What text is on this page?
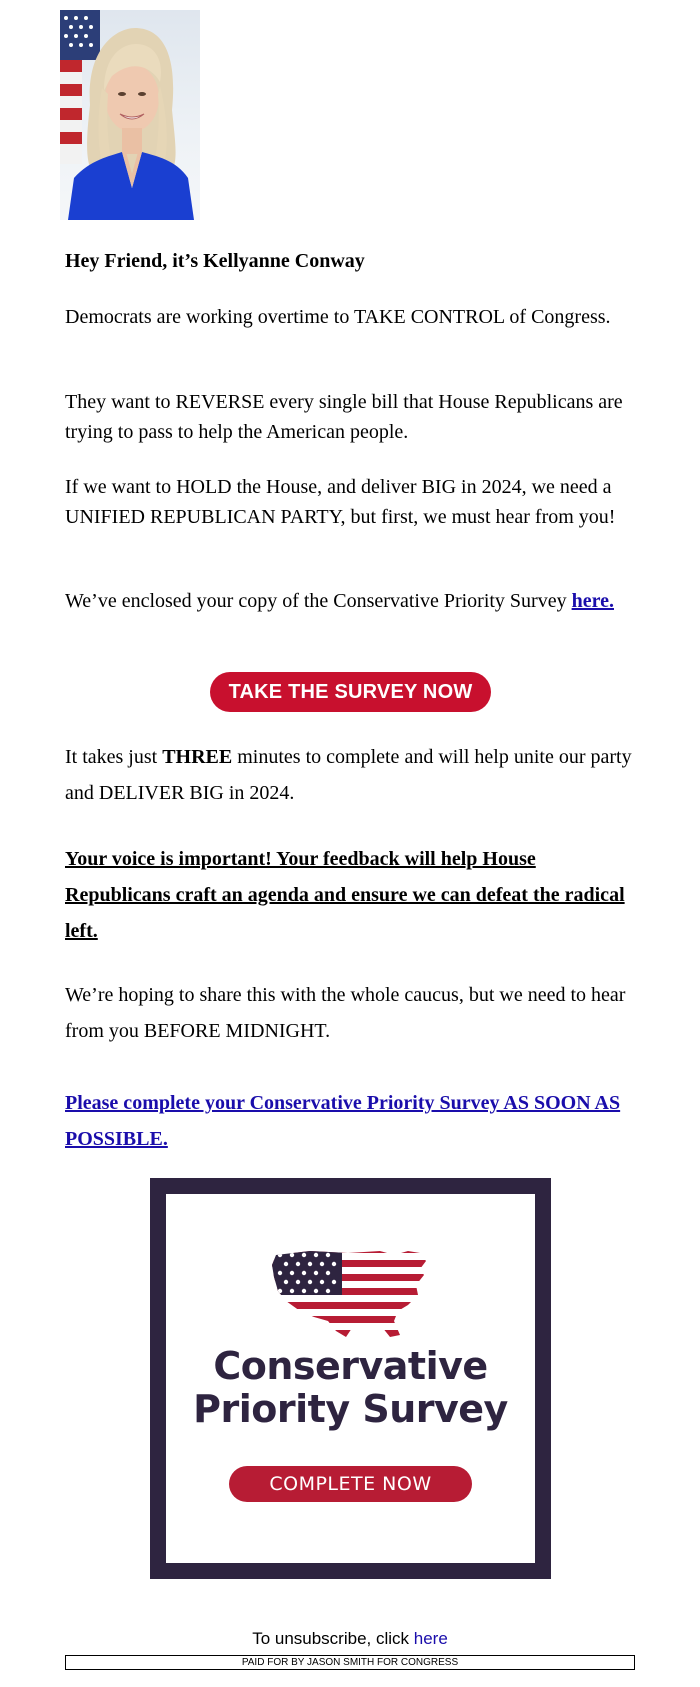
Hey Friend, it’s Kellyanne Conway
Democrats are working overtime to TAKE CONTROL of Congress.
They want to REVERSE every single bill that House Republicans are trying to pass to help the American people.
If we want to HOLD the House, and deliver BIG in 2024, we need a UNIFIED REPUBLICAN PARTY, but first, we must hear from you!
We’ve enclosed your copy of the Conservative Priority Survey here.
TAKE THE SURVEY NOW
It takes just THREE minutes to complete and will help unite our party and DELIVER BIG in 2024.
Your voice is important! Your feedback will help House Republicans craft an agenda and ensure we can defeat the radical left.
We’re hoping to share this with the whole caucus, but we need to hear from you BEFORE MIDNIGHT.
Please complete your Conservative Priority Survey AS SOON AS POSSIBLE.
Conservative
Priority Survey
COMPLETE NOW
To unsubscribe, click here
PAID FOR BY JASON SMITH FOR CONGRESS
